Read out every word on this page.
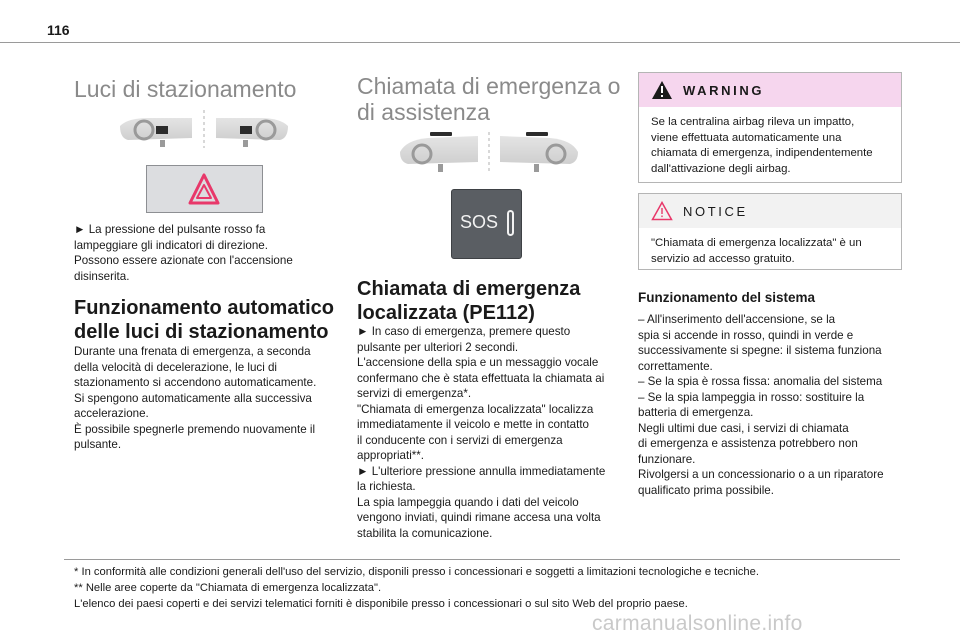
116
Luci di stazionamento

► La pressione del pulsante rosso fa

lampeggiare gli indicatori di direzione.

Possono essere azionate con l'accensione

disinserita.

Funzionamento automatico
delle luci di stazionamento

Durante una frenata di emergenza, a seconda

della velocità di decelerazione, le luci di

stazionamento si accendono automaticamente.

Si spengono automaticamente alla successiva

accelerazione.

È possibile spegnerle premendo nuovamente il

pulsante.

Chiamata di emergenza o
di assistenza
SOS
Chiamata di emergenza
localizzata (PE112)

► In caso di emergenza, premere questo

pulsante per ulteriori 2 secondi.

L'accensione della spia e un messaggio vocale

confermano che è stata effettuata la chiamata ai

servizi di emergenza*.

"Chiamata di emergenza localizzata" localizza

immediatamente il veicolo e mette in contatto

il conducente con i servizi di emergenza

appropriati**.

► L'ulteriore pressione annulla immediatamente

la richiesta.

La spia lampeggia quando i dati del veicolo

vengono inviati, quindi rimane accesa una volta

stabilita la comunicazione.

WARNING
Se la centralina airbag rileva un impatto,
viene effettuata automaticamente una
chiamata di emergenza, indipendentemente
dall'attivazione degli airbag.
NOTICE
"Chiamata di emergenza localizzata" è un
servizio ad accesso gratuito.
Funzionamento del sistema

– All'inserimento dell'accensione, se la

spia si accende in rosso, quindi in verde e

successivamente si spegne: il sistema funziona

correttamente.

– Se la spia è rossa fissa: anomalia del sistema

– Se la spia lampeggia in rosso: sostituire la

batteria di emergenza.

Negli ultimi due casi, i servizi di chiamata

di emergenza e assistenza potrebbero non

funzionare.

Rivolgersi a un concessionario o a un riparatore

qualificato prima possibile.

* In conformità alle condizioni generali dell'uso del servizio, disponili presso i concessionari e soggetti a limitazioni tecnologiche e tecniche.

** Nelle aree coperte da "Chiamata di emergenza localizzata".

L'elenco dei paesi coperti e dei servizi telematici forniti è disponibile presso i concessionari o sul sito Web del proprio paese.

carmanualsonline.info
